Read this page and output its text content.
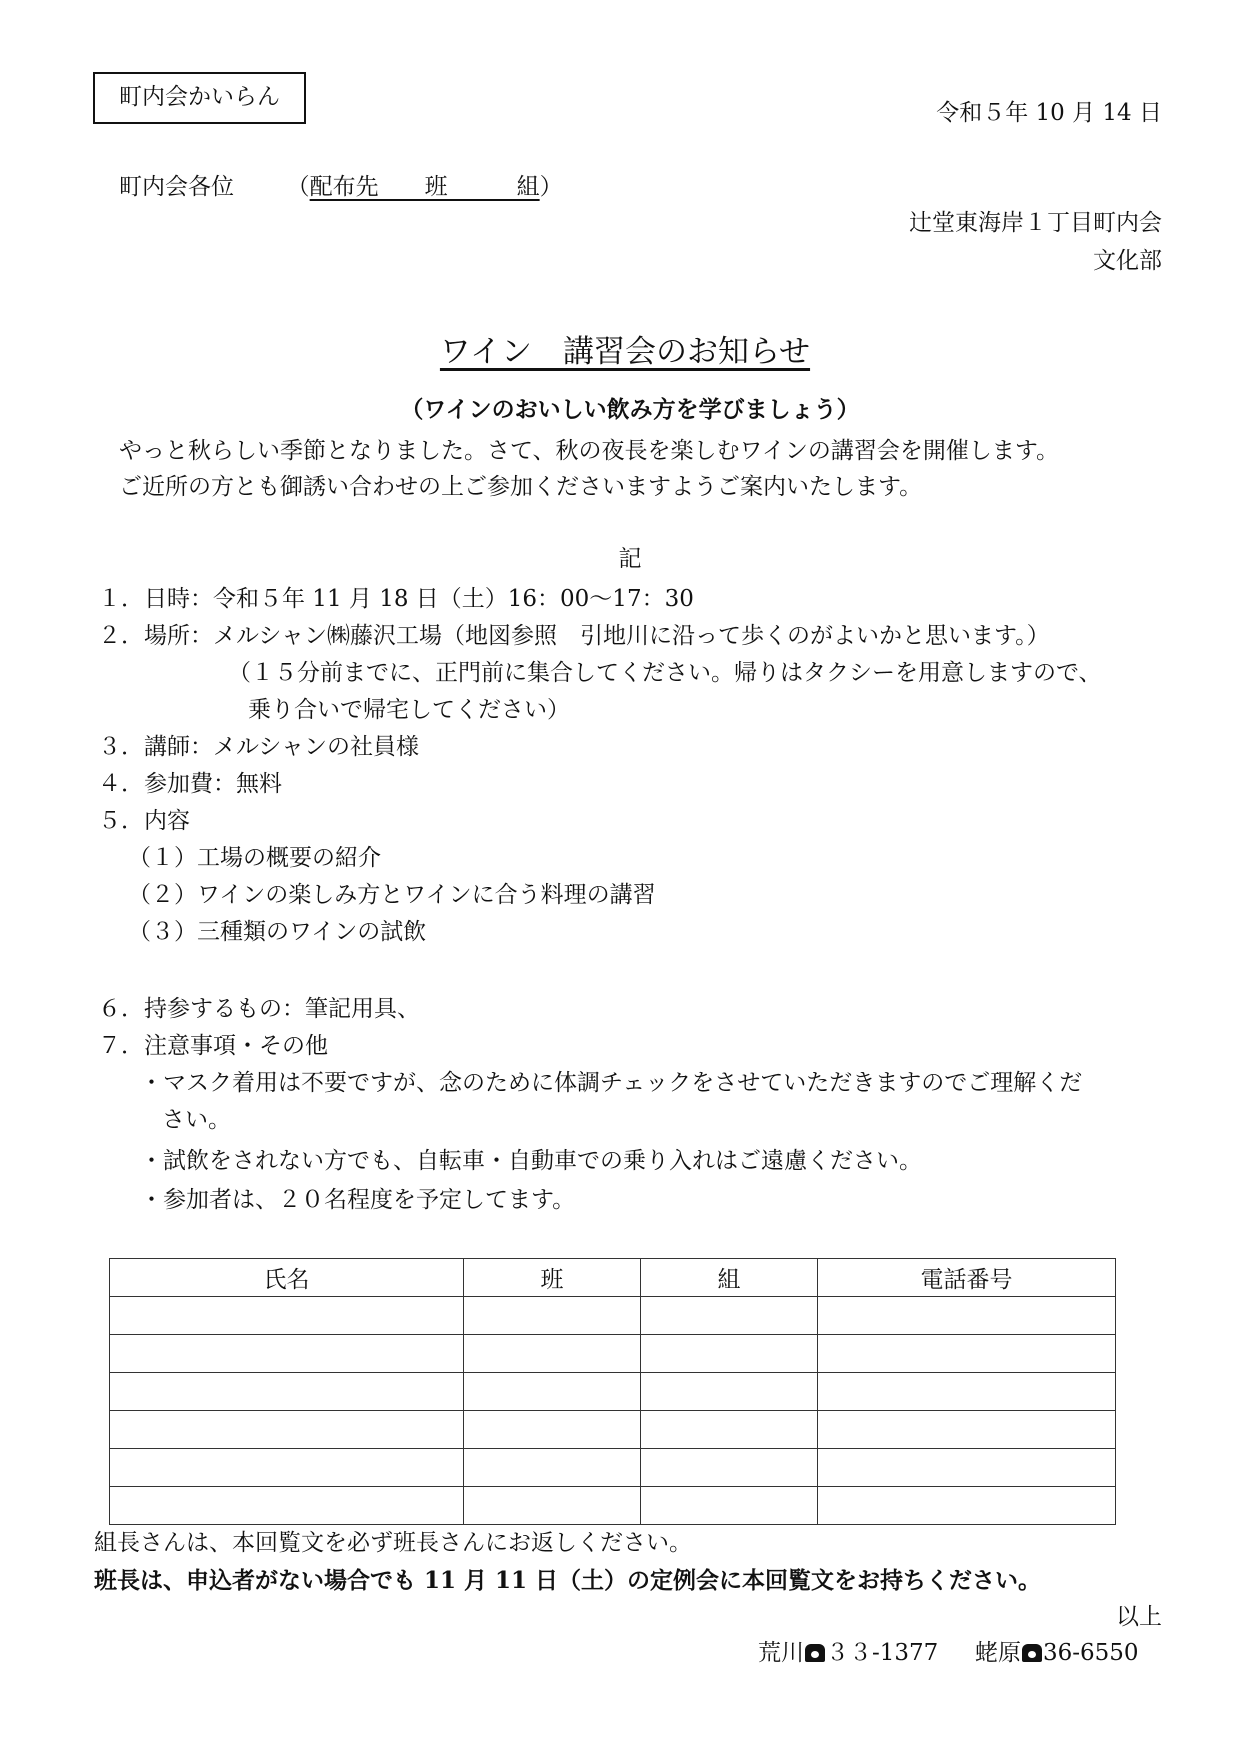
町内会かいらん
令和５年 10 月 14 日
町内会各位 （配布先　　班　　　組）
辻堂東海岸１丁目町内会
文化部
ワイン　講習会のお知らせ
（ワインのおいしい飲み方を学びましょう）
やっと秋らしい季節となりました。さて、秋の夜長を楽しむワインの講習会を開催します。
ご近所の方とも御誘い合わせの上ご参加くださいますようご案内いたします。
記
１．日時：令和５年 11 月 18 日（土）16：00～17：30
２．場所：メルシャン㈱藤沢工場（地図参照　引地川に沿って歩くのがよいかと思います。）
（１５分前までに、正門前に集合してください。帰りはタクシーを用意しますので、
乗り合いで帰宅してください）
３．講師：メルシャンの社員様
４．参加費：無料
５．内容
（１）工場の概要の紹介
（２）ワインの楽しみ方とワインに合う料理の講習
（３）三種類のワインの試飲
６．持参するもの：筆記用具、
７．注意事項・その他
・マスク着用は不要ですが、念のために体調チェックをさせていただきますのでご理解くだ
さい。
・試飲をされない方でも、自転車・自動車での乗り入れはご遠慮ください。
・参加者は、２０名程度を予定してます。
氏名	班	組	電話番号

組長さんは、本回覧文を必ず班長さんにお返しください。
班長は、申込者がない場合でも 11 月 11 日（土）の定例会に本回覧文をお持ちください。
以上
荒川 ３３-1377 蛯原 36-6550
